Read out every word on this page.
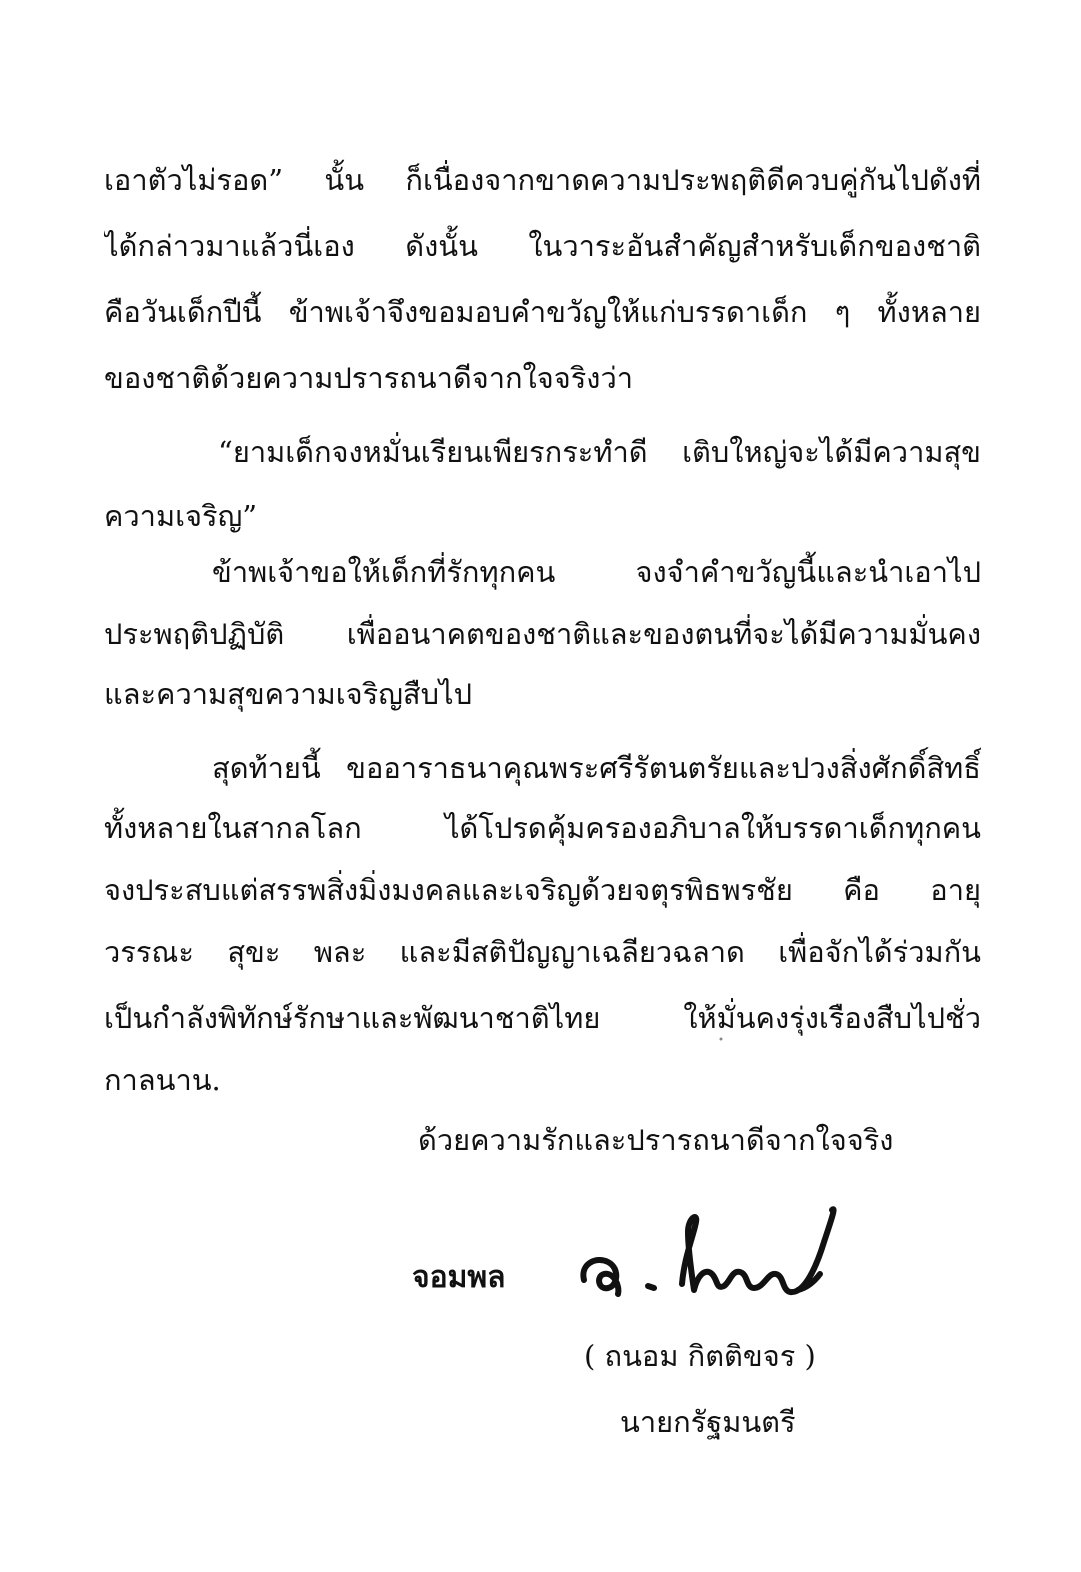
เอาตัวไม่รอด” นั้น ก็เนื่องจากขาดความประพฤติดีควบคู่กันไปดังที่
ได้กล่าวมาแล้วนี่เอง ดังนั้น ในวาระอันสำคัญสำหรับเด็กของชาติ
คือวันเด็กปีนี้ ข้าพเจ้าจึงขอมอบคำขวัญให้แก่บรรดาเด็ก ๆ ทั้งหลาย
ของชาติด้วยความปรารถนาดีจากใจจริงว่า
“ยามเด็กจงหมั่นเรียนเพียรกระทำดี เติบใหญ่จะได้มีความสุข
ความเจริญ”
ข้าพเจ้าขอให้เด็กที่รักทุกคน จงจำคำขวัญนี้และนำเอาไป
ประพฤติปฏิบัติ เพื่ออนาคตของชาติและของตนที่จะได้มีความมั่นคง
และความสุขความเจริญสืบไป
สุดท้ายนี้ ขออาราธนาคุณพระศรีรัตนตรัยและปวงสิ่งศักดิ์สิทธิ์
ทั้งหลายในสากลโลก ได้โปรดคุ้มครองอภิบาลให้บรรดาเด็กทุกคน
จงประสบแต่สรรพสิ่งมิ่งมงคลและเจริญด้วยจตุรพิธพรชัย คือ อายุ
วรรณะ สุขะ พละ และมีสติปัญญาเฉลียวฉลาด เพื่อจักได้ร่วมกัน
เป็นกำลังพิทักษ์รักษาและพัฒนาชาติไทย ให้มั่นคงรุ่งเรืองสืบไปชั่ว
กาลนาน.
ด้วยความรักและปรารถนาดีจากใจจริง
จอมพล
( ถนอม กิตติขจร )
นายกรัฐมนตรี
